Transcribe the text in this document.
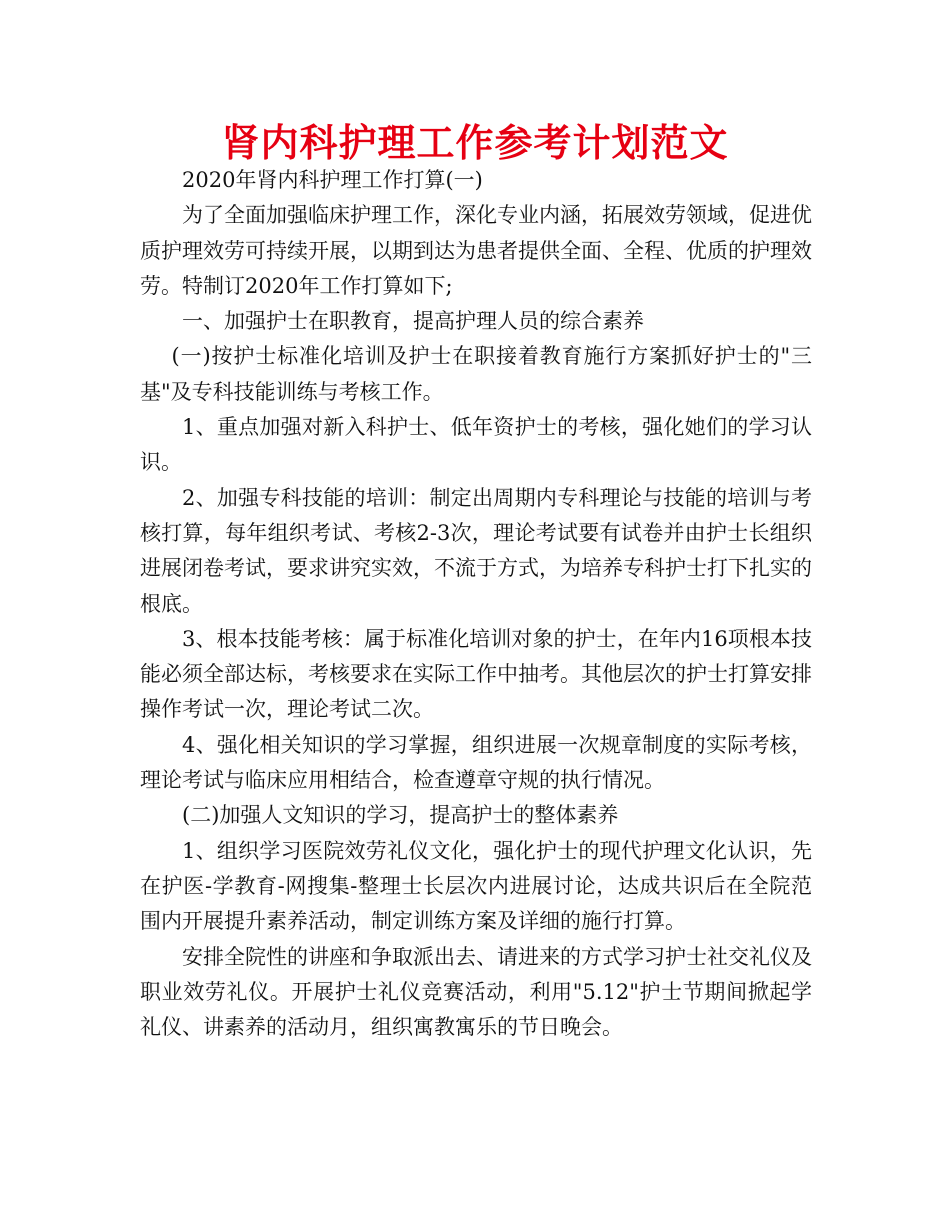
肾内科护理工作参考计划范文

2020年肾内科护理工作打算(一)

为了全面加强临床护理工作，深化专业内涵，拓展效劳领域，促进优质护理效劳可持续开展，以期到达为患者提供全面、全程、优质的护理效劳。特制订2020年工作打算如下;

一、加强护士在职教育，提高护理人员的综合素养

(一)按护士标准化培训及护士在职接着教育施行方案抓好护士的"三基"及专科技能训练与考核工作。

1、重点加强对新入科护士、低年资护士的考核，强化她们的学习认识。

2、加强专科技能的培训：制定出周期内专科理论与技能的培训与考核打算，每年组织考试、考核2-3次，理论考试要有试卷并由护士长组织进展闭卷考试，要求讲究实效，不流于方式，为培养专科护士打下扎实的根底。

3、根本技能考核：属于标准化培训对象的护士，在年内16项根本技能必须全部达标，考核要求在实际工作中抽考。其他层次的护士打算安排操作考试一次，理论考试二次。

4、强化相关知识的学习掌握，组织进展一次规章制度的实际考核，理论考试与临床应用相结合，检查遵章守规的执行情况。

(二)加强人文知识的学习，提高护士的整体素养

1、组织学习医院效劳礼仪文化，强化护士的现代护理文化认识，先在护医-学教育-网搜集-整理士长层次内进展讨论，达成共识后在全院范围内开展提升素养活动，制定训练方案及详细的施行打算。

安排全院性的讲座和争取派出去、请进来的方式学习护士社交礼仪及职业效劳礼仪。开展护士礼仪竞赛活动，利用"5.12"护士节期间掀起学礼仪、讲素养的活动月，组织寓教寓乐的节日晚会。
